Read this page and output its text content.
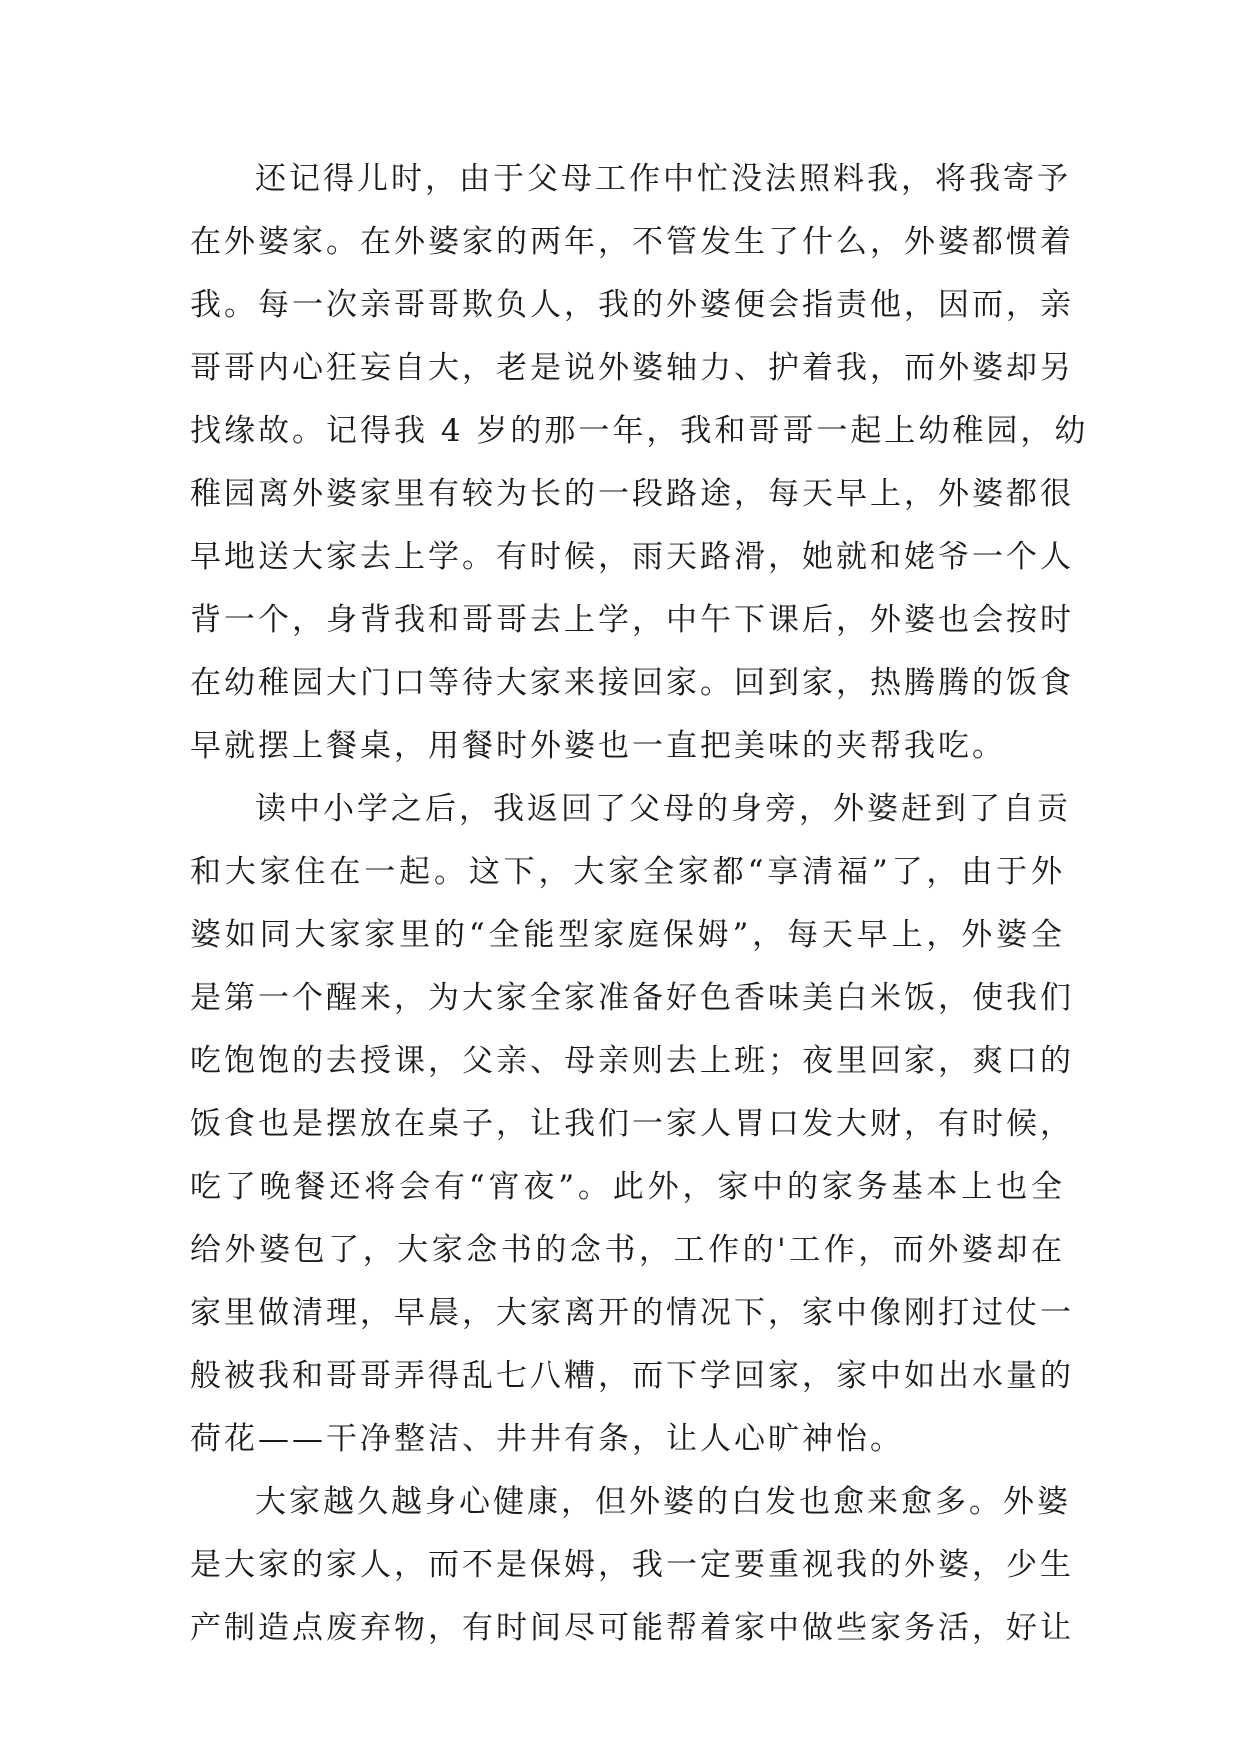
还记得儿时，由于父母工作中忙没法照料我，将我寄予
在外婆家。在外婆家的两年，不管发生了什么，外婆都惯着
我。每一次亲哥哥欺负人，我的外婆便会指责他，因而，亲
哥哥内心狂妄自大，老是说外婆轴力、护着我，而外婆却另
找缘故。记得我 4 岁的那一年，我和哥哥一起上幼稚园，幼
稚园离外婆家里有较为长的一段路途，每天早上，外婆都很
早地送大家去上学。有时候，雨天路滑，她就和姥爷一个人
背一个，身背我和哥哥去上学，中午下课后，外婆也会按时
在幼稚园大门口等待大家来接回家。回到家，热腾腾的饭食
早就摆上餐桌，用餐时外婆也一直把美味的夹帮我吃。
读中小学之后，我返回了父母的身旁，外婆赶到了自贡
和大家住在一起。这下，大家全家都“享清福”了，由于外
婆如同大家家里的“全能型家庭保姆”，每天早上，外婆全
是第一个醒来，为大家全家准备好色香味美白米饭，使我们
吃饱饱的去授课，父亲、母亲则去上班；夜里回家，爽口的
饭食也是摆放在桌子，让我们一家人胃口发大财，有时候，
吃了晚餐还将会有“宵夜”。此外，家中的家务基本上也全
给外婆包了，大家念书的念书，工作的'工作，而外婆却在
家里做清理，早晨，大家离开的情况下，家中像刚打过仗一
般被我和哥哥弄得乱七八糟，而下学回家，家中如出水量的
荷花——干净整洁、井井有条，让人心旷神怡。
大家越久越身心健康，但外婆的白发也愈来愈多。外婆
是大家的家人，而不是保姆，我一定要重视我的外婆，少生
产制造点废弃物，有时间尽可能帮着家中做些家务活，好让
